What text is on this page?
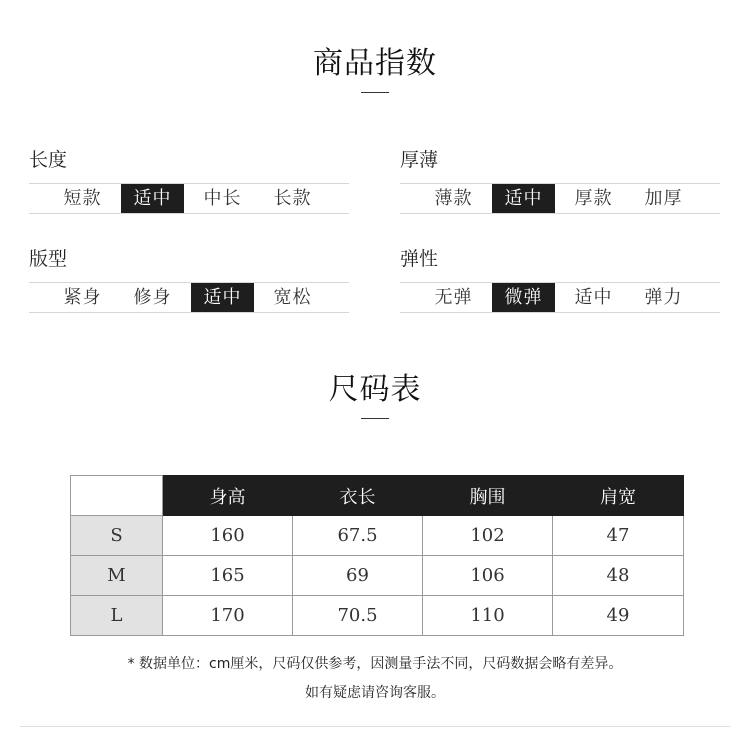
商品指数
长度
短款	适中	中长	长款
厚薄
薄款	适中	厚款	加厚
版型
紧身	修身	适中	宽松
弹性
无弹	微弹	适中	弹力
尺码表
	身高	衣长	胸围	肩宽
S	160	67.5	102	47
M	165	69	106	48
L	170	70.5	110	49
* 数据单位：cm厘米，尺码仅供参考，因测量手法不同，尺码数据会略有差异。
如有疑虑请咨询客服。
